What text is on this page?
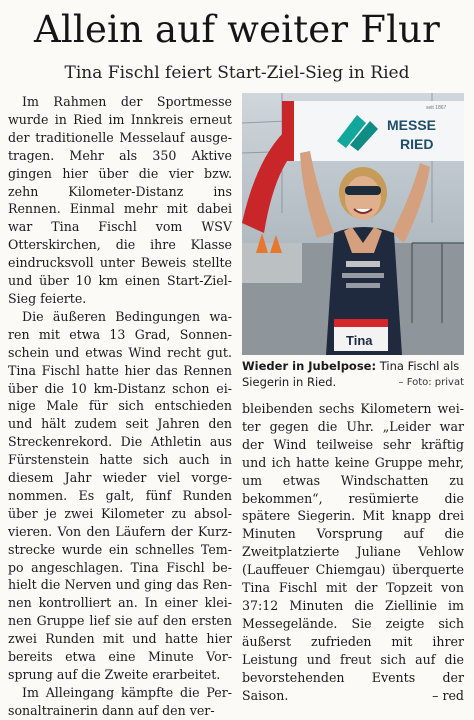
Allein auf weiter Flur
Tina Fischl feiert Start-Ziel-Sieg in Ried

Im Rahmen der Sportmesse wurde in Ried im Innkreis erneut der traditionelle Messelauf ausgetragen. Mehr als 350 Aktive gingen hier über die vier bzw. zehn Kilometer-Distanz ins Rennen. Einmal mehr mit dabei war Tina Fischl vom WSV Otterskirchen, die ihre Klasse eindrucksvoll unter Beweis stellte und über 10 km einen Start-Ziel-Sieg feierte.

Die äußeren Bedingungen waren mit etwa 13 Grad, Sonnenschein und etwas Wind recht gut. Tina Fischl hatte hier das Rennen über die 10 km-Distanz schon einige Male für sich entschieden und hält zudem seit Jahren den Streckenrekord. Die Athletin aus Fürstenstein hatte sich auch in diesem Jahr wieder viel vorgenommen. Es galt, fünf Runden über je zwei Kilometer zu absolvieren. Von den Läufern der Kurzstrecke wurde ein schnelles Tempo angeschlagen. Tina Fischl behielt die Nerven und ging das Rennen kontrolliert an. In einer kleinen Gruppe lief sie auf den ersten zwei Runden mit und hatte hier bereits etwa eine Minute Vorsprung auf die Zweite erarbeitet.

Im Alleingang kämpfte die Personaltrainerin dann auf den ver-

MESSE
RIED
seit 1867
Tina
Wieder in Jubelpose: Tina Fischl als Siegerin in Ried.	– Foto: privat

bleibenden sechs Kilometern weiter gegen die Uhr. „Leider war der Wind teilweise sehr kräftig und ich hatte keine Gruppe mehr, um etwas Windschatten zu bekommen“, resümierte die spätere Siegerin. Mit knapp drei Minuten Vorsprung auf die Zweitplatzierte Juliane Vehlow (Lauffeuer Chiemgau) überquerte Tina Fischl mit der Topzeit von 37:12 Minuten die Ziellinie im Messegelände. Sie zeigte sich äußerst zufrieden mit ihrer Leistung und freut sich auf die bevorstehenden Events der Saison.	– red
